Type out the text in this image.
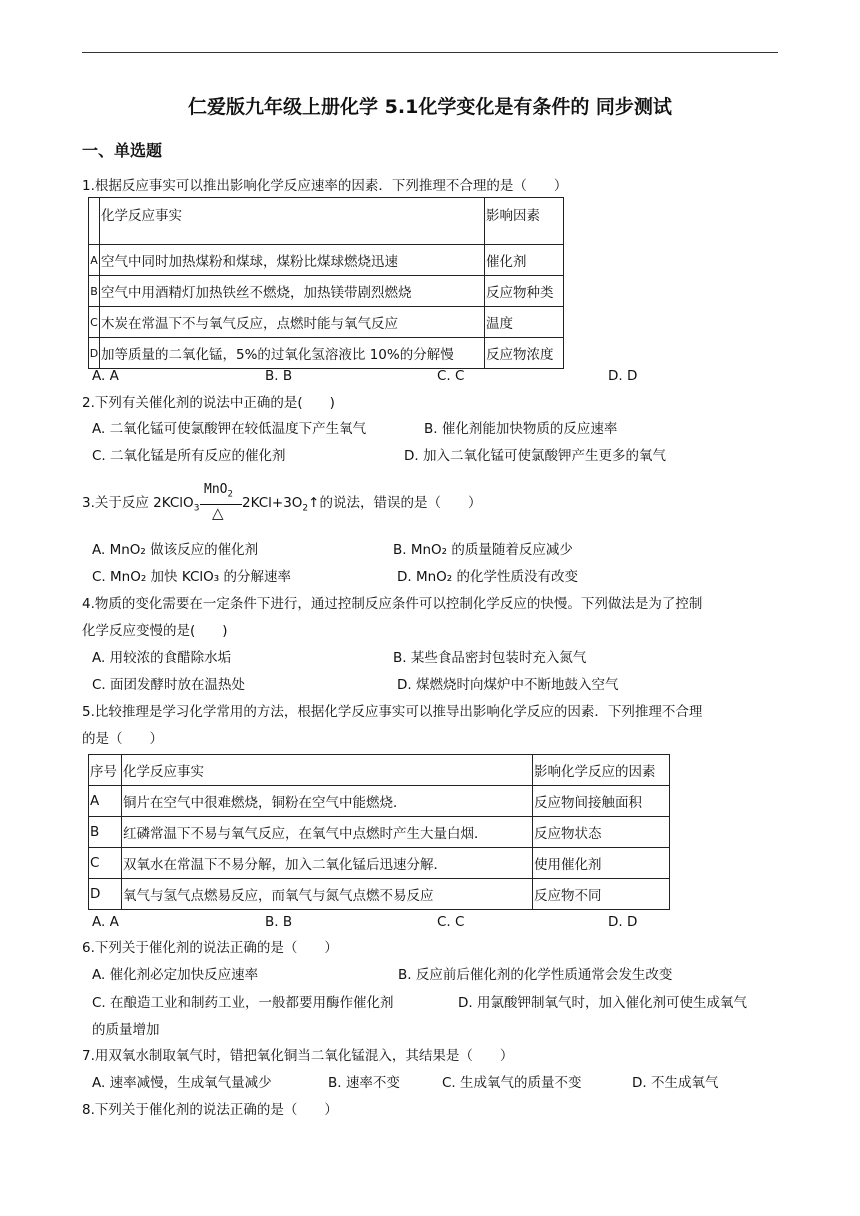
仁爱版九年级上册化学 5.1化学变化是有条件的 同步测试
一、单选题
1.根据反应事实可以推出影响化学反应速率的因素．下列推理不合理的是（　　）
	化学反应事实	影响因素
A	空气中同时加热煤粉和煤球，煤粉比煤球燃烧迅速	催化剂
B	空气中用酒精灯加热铁丝不燃烧，加热镁带剧烈燃烧	反应物种类
C	木炭在常温下不与氧气反应，点燃时能与氧气反应	温度
D	加等质量的二氧化锰，5%的过氧化氢溶液比 10%的分解慢	反应物浓度
A. A	B. B	C. C	D. D
2.下列有关催化剂的说法中正确的是(　　)
A. 二氧化锰可使氯酸钾在较低温度下产生氧气	B. 催化剂能加快物质的反应速率
C. 二氧化锰是所有反应的催化剂	D. 加入二氧化锰可使氯酸钾产生更多的氧气
3.关于反应 2KClO$_3$
MnO$_2$
△
$2KCl+3O_2↑$的说法，错误的是（　　）
A. MnO₂ 做该反应的催化剂	B. MnO₂ 的质量随着反应减少
C. MnO₂ 加快 KClO₃ 的分解速率	D. MnO₂ 的化学性质没有改变
4.物质的变化需要在一定条件下进行，通过控制反应条件可以控制化学反应的快慢。下列做法是为了控制
化学反应变慢的是(　　)
A. 用较浓的食醋除水垢	B. 某些食品密封包装时充入氮气
C. 面团发酵时放在温热处	D. 煤燃烧时向煤炉中不断地鼓入空气
5.比较推理是学习化学常用的方法，根据化学反应事实可以推导出影响化学反应的因素．下列推理不合理
的是（　　）
序号	化学反应事实	影响化学反应的因素
A	铜片在空气中很难燃烧，铜粉在空气中能燃烧．	反应物间接触面积
B	红磷常温下不易与氧气反应，在氧气中点燃时产生大量白烟．	反应物状态
C	双氧水在常温下不易分解，加入二氧化锰后迅速分解．	使用催化剂
D	氧气与氢气点燃易反应，而氧气与氮气点燃不易反应	反应物不同
A. A	B. B	C. C	D. D
6.下列关于催化剂的说法正确的是（　　）
A. 催化剂必定加快反应速率	B. 反应前后催化剂的化学性质通常会发生改变
C. 在酿造工业和制药工业，一般都要用酶作催化剂	D. 用氯酸钾制氧气时，加入催化剂可使生成氧气
的质量增加
7.用双氧水制取氧气时，错把氧化铜当二氧化锰混入，其结果是（　　）
A. 速率减慢，生成氧气量减少	B. 速率不变	C. 生成氧气的质量不变	D. 不生成氧气
8.下列关于催化剂的说法正确的是（　　）
